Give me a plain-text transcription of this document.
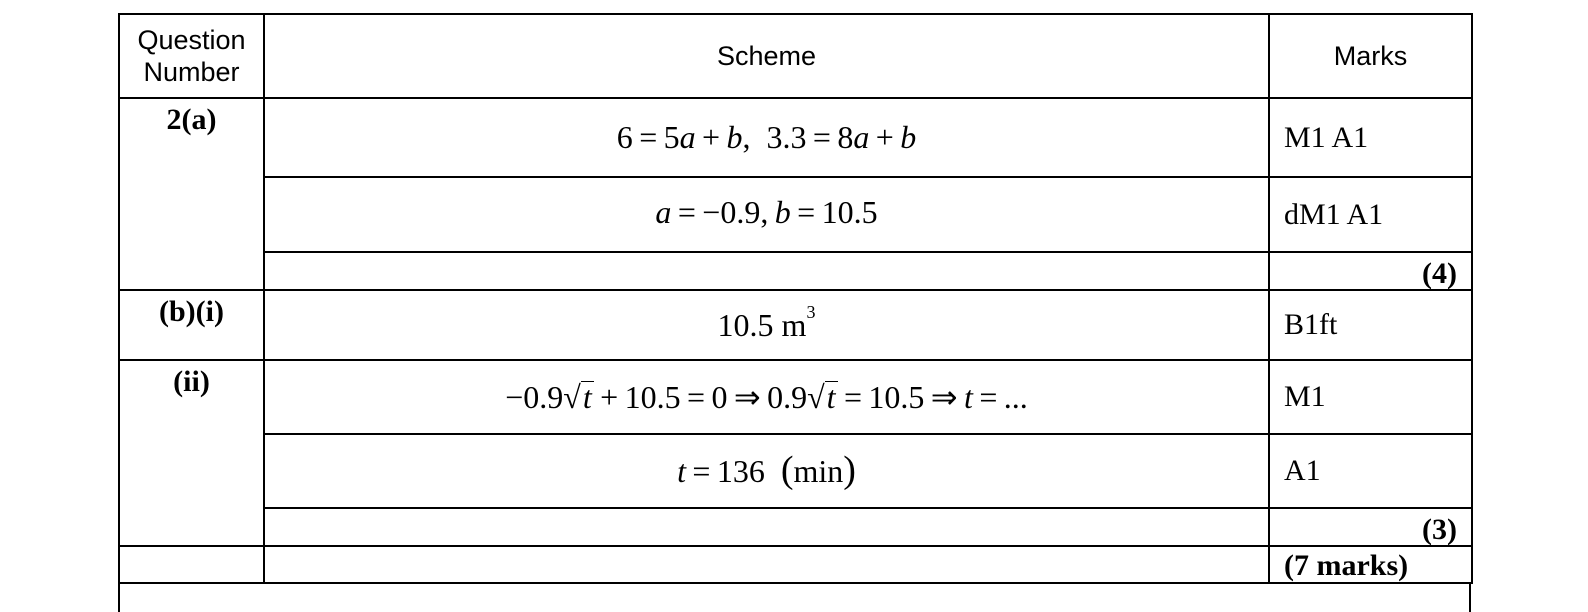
Question
Number	Scheme	Marks
2(a)	6 = 5a + b,  3.3 = 8a + b	M1 A1
	a = −0.9, b = 10.5	dM1 A1
		(4)
(b)(i)	10.5 $m^3$	B1ft
(ii)	−0.9√t + 10.5 = 0 ⇒ 0.9√t = 10.5 ⇒ t = ...	M1
	t = 136  (min)	A1
		(3)
		(7 marks)
